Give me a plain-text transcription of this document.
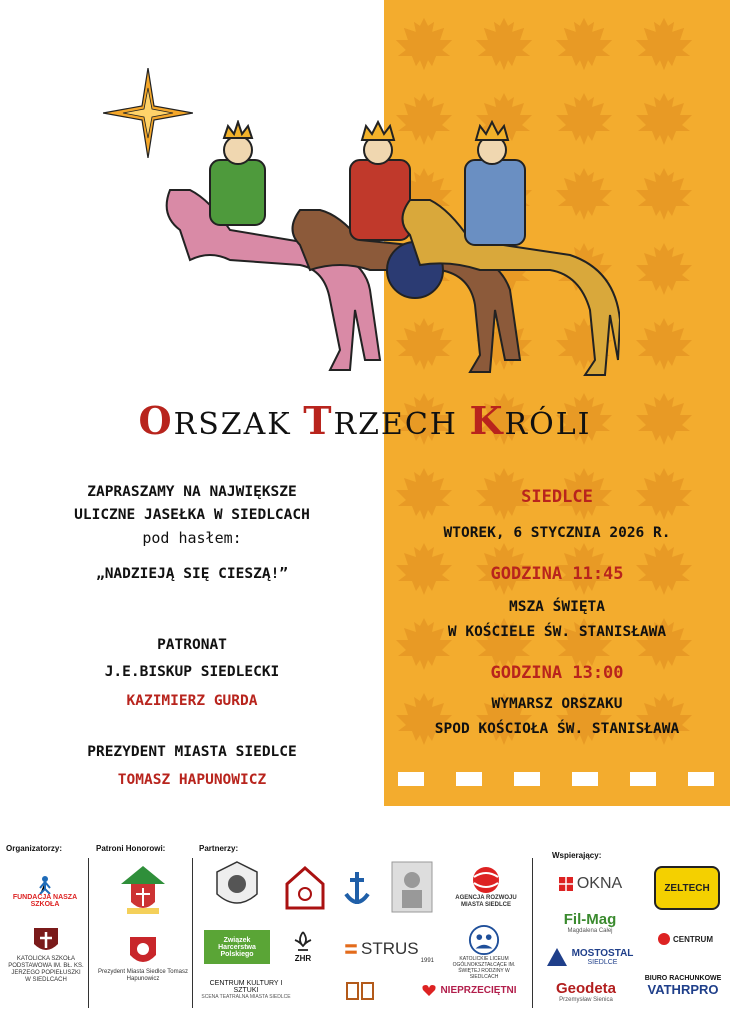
ORSZAK TRZECH KRÓLI
ZAPRASZAMY NA NAJWIĘKSZE
ULICZNE JASEŁKA W SIEDLCACH
pod hasłem:
„NADZIEJĄ SIĘ CIESZĄ!”
PATRONAT
J.E.BISKUP SIEDLECKI
KAZIMIERZ GURDA
PREZYDENT MIASTA SIEDLCE
TOMASZ HAPUNOWICZ
SIEDLCE
WTOREK, 6 STYCZNIA 2026 R.
GODZINA 11:45
MSZA ŚWIĘTA
W KOŚCIELE ŚW. STANISŁAWA
GODZINA 13:00
WYMARSZ ORSZAKU
SPOD KOŚCIOŁA ŚW. STANISŁAWA
Organizatorzy:	Patroni Honorowi:	Partnerzy:
Wspierający:
FUNDACJA NASZA SZKOŁA
KATOLICKA SZKOŁA PODSTAWOWA IM. BŁ. KS. JERZEGO POPIEŁUSZKI W SIEDLCACH
Prezydent Miasta Siedlce Tomasz Hapunowicz
AGENCJA ROZWOJU MIASTA SIEDLCE
Związek Harcerstwa Polskiego	ZHR	STRUS
1991	KATOLICKIE LICEUM OGÓLNOKSZTAŁCĄCE IM. ŚWIĘTEJ RODZINY W SIEDLCACH
CENTRUM KULTURY I SZTUKI
SCENA TEATRALNA MIASTA SIEDLCE
NIEPRZECIĘTNI
OKNA
Fil-Mag
Magdalena Całej
MOSTOSTAL
SIEDLCE
Geodeta
Przemysław Sienica
ZELTECH
CENTRUM
BIURO RACHUNKOWE
VATHRPRO
